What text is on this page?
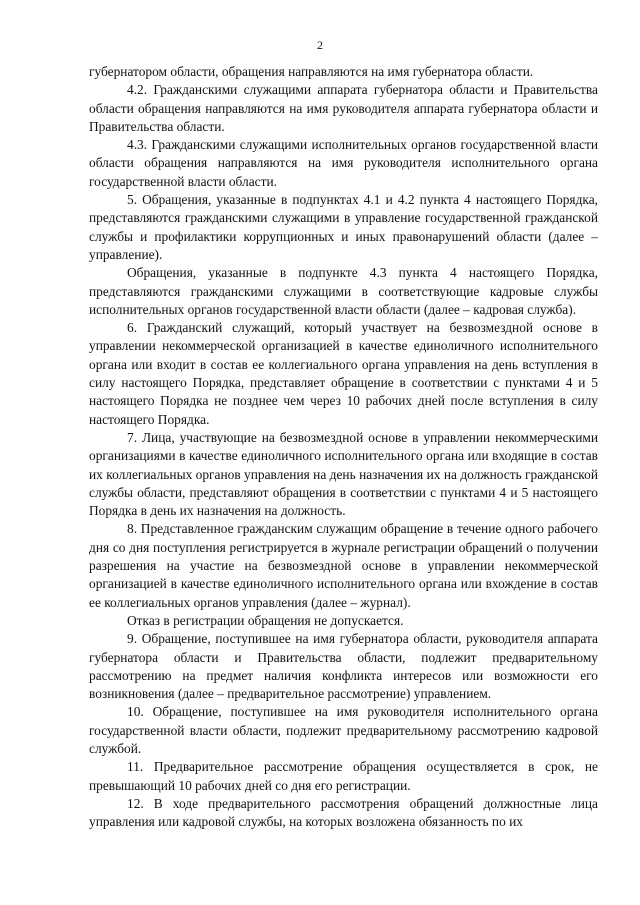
2

губернатором области, обращения направляются на имя губернатора области.

4.2. Гражданскими служащими аппарата губернатора области и Правительства области обращения направляются на имя руководителя аппарата губернатора области и Правительства области.

4.3. Гражданскими служащими исполнительных органов государственной власти области обращения направляются на имя руководителя исполнительного органа государственной власти области.

5. Обращения, указанные в подпунктах 4.1 и 4.2 пункта 4 настоящего Порядка, представляются гражданскими служащими в управление государственной гражданской службы и профилактики коррупционных и иных правонарушений области (далее – управление).

Обращения, указанные в подпункте 4.3 пункта 4 настоящего Порядка, представляются гражданскими служащими в соответствующие кадровые службы исполнительных органов государственной власти области (далее – кадровая служба).

6. Гражданский служащий, который участвует на безвозмездной основе в управлении некоммерческой организацией в качестве единоличного исполнительного органа или входит в состав ее коллегиального органа управления на день вступления в силу настоящего Порядка, представляет обращение в соответствии с пунктами 4 и 5 настоящего Порядка не позднее чем через 10 рабочих дней после вступления в силу настоящего Порядка.

7. Лица, участвующие на безвозмездной основе в управлении некоммерческими организациями в качестве единоличного исполнительного органа или входящие в состав их коллегиальных органов управления на день назначения их на должность гражданской службы области, представляют обращения в соответствии с пунктами 4 и 5 настоящего Порядка в день их назначения на должность.

8. Представленное гражданским служащим обращение в течение одного рабочего дня со дня поступления регистрируется в журнале регистрации обращений о получении разрешения на участие на безвозмездной основе в управлении некоммерческой организацией в качестве единоличного исполнительного органа или вхождение в состав ее коллегиальных органов управления (далее – журнал).

Отказ в регистрации обращения не допускается.

9. Обращение, поступившее на имя губернатора области, руководителя аппарата губернатора области и Правительства области, подлежит предварительному рассмотрению на предмет наличия конфликта интересов или возможности его возникновения (далее – предварительное рассмотрение) управлением.

10. Обращение, поступившее на имя руководителя исполнительного органа государственной власти области, подлежит предварительному рассмотрению кадровой службой.

11. Предварительное рассмотрение обращения осуществляется в срок, не превышающий 10 рабочих дней со дня его регистрации.

12. В ходе предварительного рассмотрения обращений должностные лица управления или кадровой службы, на которых возложена обязанность по их
